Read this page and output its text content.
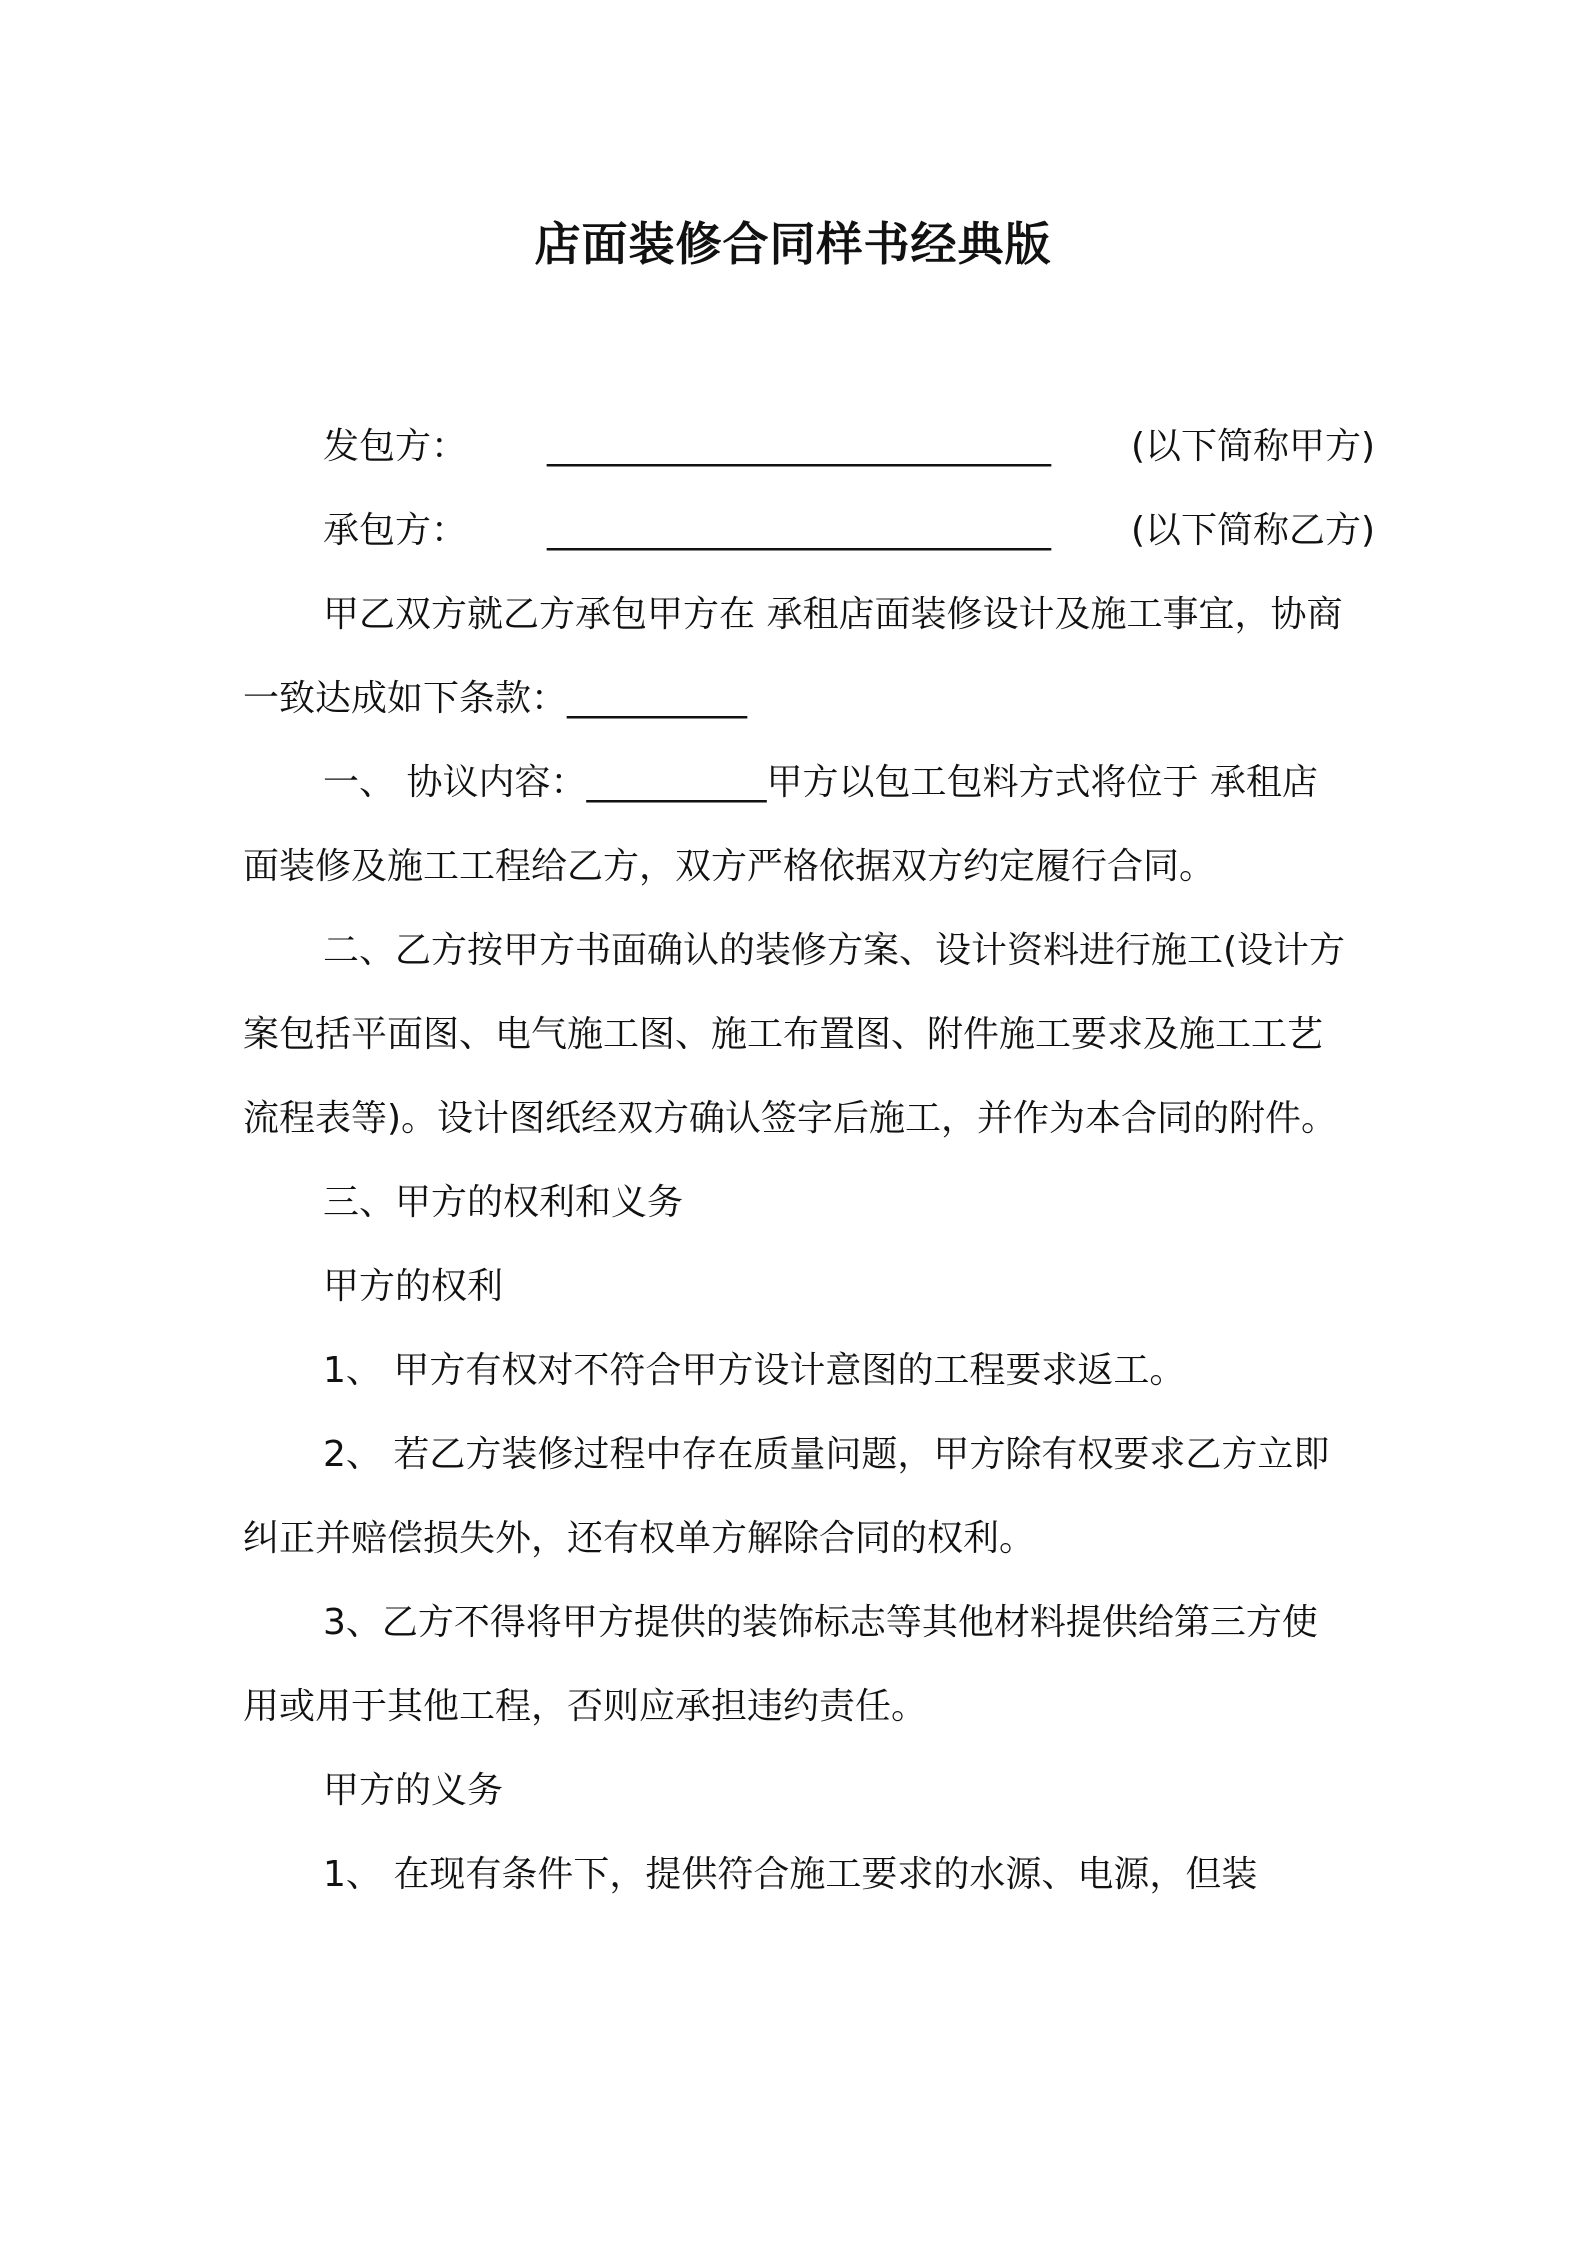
店面装修合同样书经典版

发包方：	____________________________	(以下简称甲方)

承包方：	____________________________	(以下简称乙方)

甲乙双方就乙方承包甲方在 承租店面装修设计及施工事宜，协商一致达成如下条款：__________

一、 协议内容：__________甲方以包工包料方式将位于 承租店面装修及施工工程给乙方，双方严格依据双方约定履行合同。

二、乙方按甲方书面确认的装修方案、设计资料进行施工(设计方案包括平面图、电气施工图、施工布置图、附件施工要求及施工工艺流程表等)。设计图纸经双方确认签字后施工，并作为本合同的附件。

三、甲方的权利和义务

甲方的权利

1、 甲方有权对不符合甲方设计意图的工程要求返工。

2、 若乙方装修过程中存在质量问题，甲方除有权要求乙方立即纠正并赔偿损失外，还有权单方解除合同的权利。

3、乙方不得将甲方提供的装饰标志等其他材料提供给第三方使用或用于其他工程，否则应承担违约责任。

甲方的义务

1、 在现有条件下，提供符合施工要求的水源、电源，但装
